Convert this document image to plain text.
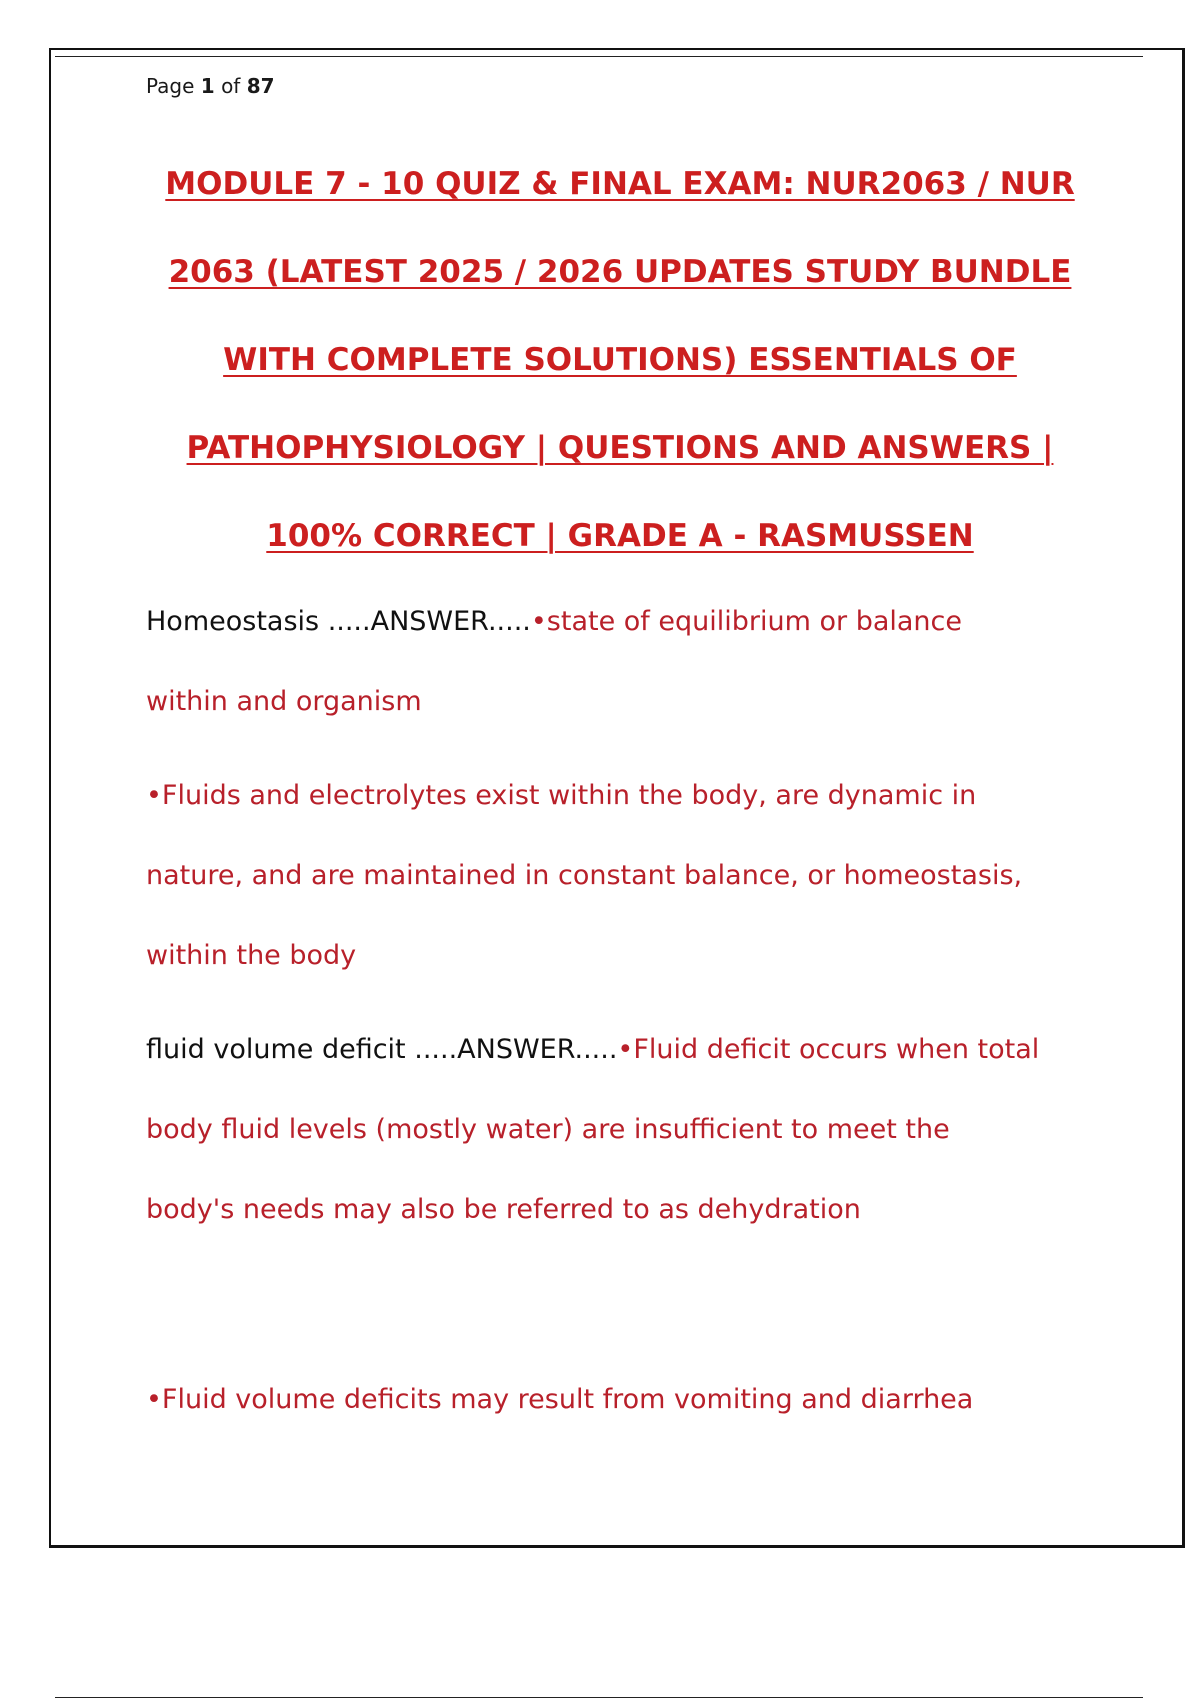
Page 1 of 87
MODULE 7 - 10 QUIZ & FINAL EXAM: NUR2063 / NUR
2063 (LATEST 2025 / 2026 UPDATES STUDY BUNDLE
WITH COMPLETE SOLUTIONS) ESSENTIALS OF
PATHOPHYSIOLOGY | QUESTIONS AND ANSWERS |
100% CORRECT | GRADE A - RASMUSSEN
Homeostasis .....ANSWER.....•state of equilibrium or balance
within and organism
•Fluids and electrolytes exist within the body, are dynamic in
nature, and are maintained in constant balance, or homeostasis,
within the body
fluid volume deficit .....ANSWER.....•Fluid deficit occurs when total
body fluid levels (mostly water) are insufficient to meet the
body's needs may also be referred to as dehydration
•Fluid volume deficits may result from vomiting and diarrhea
